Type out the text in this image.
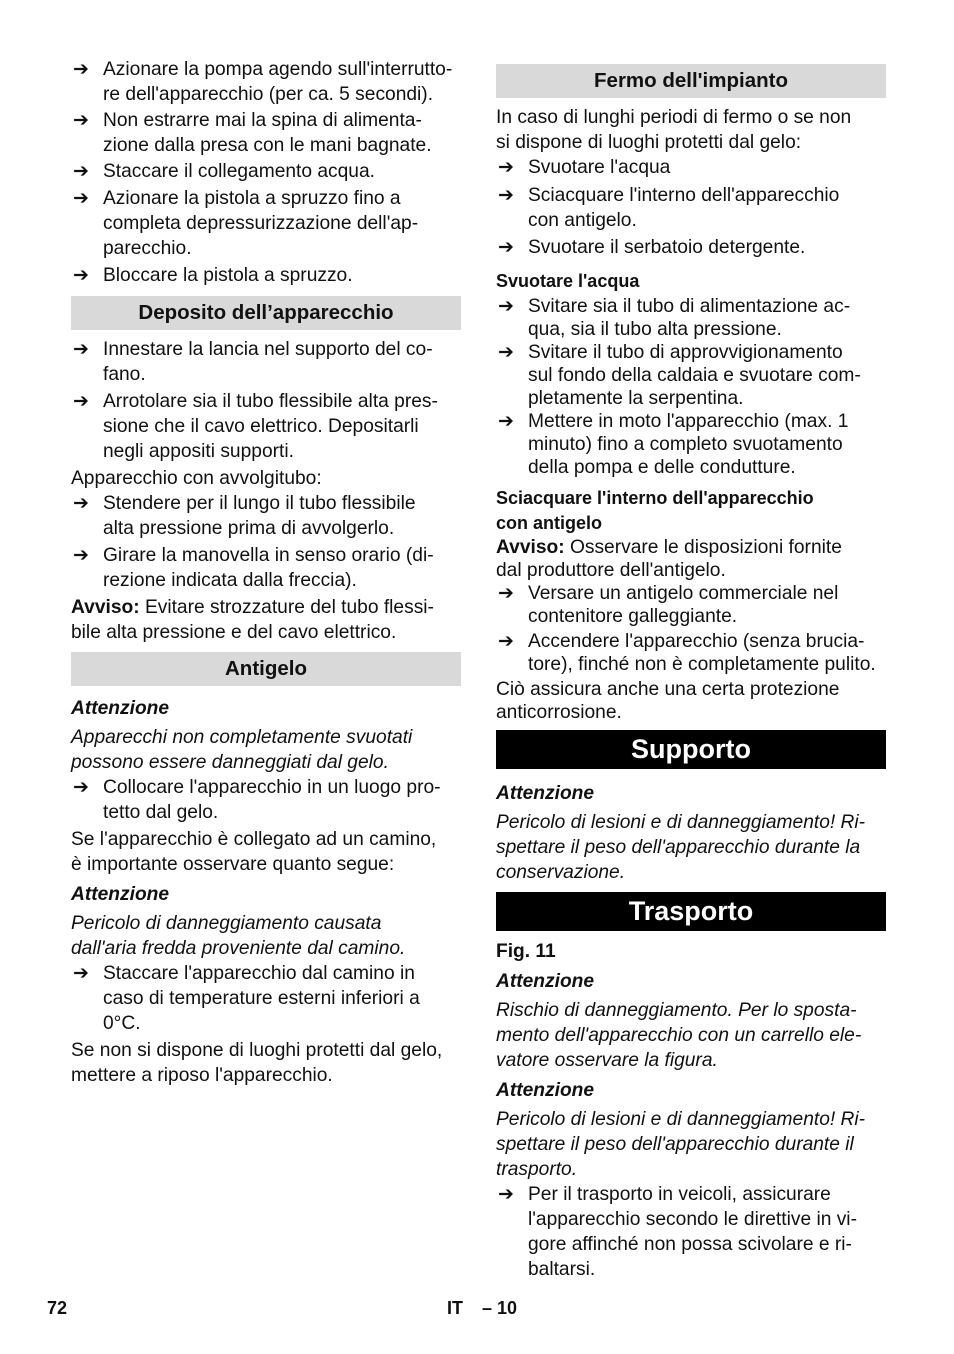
➔ Azionare la pompa agendo sull'interrutto-
re dell'apparecchio (per ca. 5 secondi).
➔ Non estrarre mai la spina di alimenta-
zione dalla presa con le mani bagnate.
➔ Staccare il collegamento acqua.
➔ Azionare la pistola a spruzzo fino a
completa depressurizzazione dell'ap-
parecchio.
➔ Bloccare la pistola a spruzzo.
Deposito dell’apparecchio
➔ Innestare la lancia nel supporto del co-
fano.
➔ Arrotolare sia il tubo flessibile alta pres-
sione che il cavo elettrico. Depositarli
negli appositi supporti.

Apparecchio con avvolgitubo:

➔ Stendere per il lungo il tubo flessibile
alta pressione prima di avvolgerlo.
➔ Girare la manovella in senso orario (di-
rezione indicata dalla freccia).

Avviso: Evitare strozzature del tubo flessi-
bile alta pressione e del cavo elettrico.

Antigelo

Attenzione

Apparecchi non completamente svuotati
possono essere danneggiati dal gelo.

➔ Collocare l'apparecchio in un luogo pro-
tetto dal gelo.

Se l'apparecchio è collegato ad un camino,
è importante osservare quanto segue:

Attenzione

Pericolo di danneggiamento causata
dall'aria fredda proveniente dal camino.

➔ Staccare l'apparecchio dal camino in
caso di temperature esterni inferiori a
0°C.

Se non si dispone di luoghi protetti dal gelo,
mettere a riposo l'apparecchio.

Fermo dell'impianto

In caso di lunghi periodi di fermo o se non
si dispone di luoghi protetti dal gelo:

➔ Svuotare l'acqua
➔ Sciacquare l'interno dell'apparecchio
con antigelo.
➔ Svuotare il serbatoio detergente.

Svuotare l'acqua

➔ Svitare sia il tubo di alimentazione ac-
qua, sia il tubo alta pressione.
➔ Svitare il tubo di approvvigionamento
sul fondo della caldaia e svuotare com-
pletamente la serpentina.
➔ Mettere in moto l'apparecchio (max. 1
minuto) fino a completo svuotamento
della pompa e delle condutture.

Sciacquare l'interno dell'apparecchio
con antigelo

Avviso: Osservare le disposizioni fornite
dal produttore dell'antigelo.

➔ Versare un antigelo commerciale nel
contenitore galleggiante.
➔ Accendere l'apparecchio (senza brucia-
tore), finché non è completamente pulito.

Ciò assicura anche una certa protezione
anticorrosione.

Supporto

Attenzione

Pericolo di lesioni e di danneggiamento! Ri-
spettare il peso dell'apparecchio durante la
conservazione.

Trasporto

Fig. 11

Attenzione

Rischio di danneggiamento. Per lo sposta-
mento dell'apparecchio con un carrello ele-
vatore osservare la figura.

Attenzione

Pericolo di lesioni e di danneggiamento! Ri-
spettare il peso dell'apparecchio durante il
trasporto.

➔ Per il trasporto in veicoli, assicurare
l'apparecchio secondo le direttive in vi-
gore affinché non possa scivolare e ri-
baltarsi.
72	IT – 10
